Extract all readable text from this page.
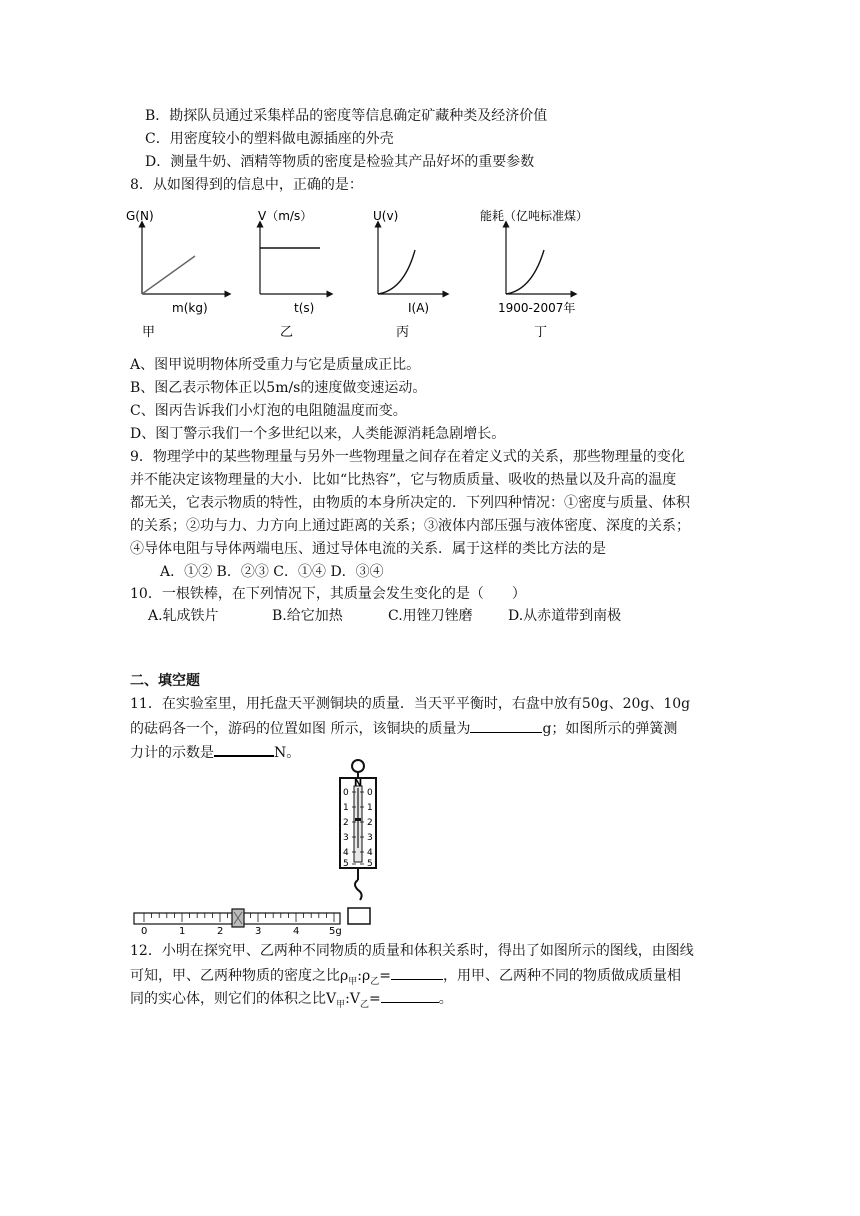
B．勘探队员通过采集样品的密度等信息确定矿藏种类及经济价值
C．用密度较小的塑料做电源插座的外壳
D．测量牛奶、酒精等物质的密度是检验其产品好坏的重要参数
8．从如图得到的信息中，正确的是：
G(N)
m(kg)
甲
V（m/s）
t(s)
乙
U(v)
I(A)
丙
能耗（亿吨标准煤）
1900-2007年
丁
A、图甲说明物体所受重力与它是质量成正比。
B、图乙表示物体正以5m/s的速度做变速运动。
C、图丙告诉我们小灯泡的电阻随温度而变。
D、图丁警示我们一个多世纪以来，人类能源消耗急剧增长。
9．物理学中的某些物理量与另外一些物理量之间存在着定义式的关系，那些物理量的变化
并不能决定该物理量的大小．比如“比热容”，它与物质质量、吸收的热量以及升高的温度
都无关，它表示物质的特性，由物质的本身所决定的．下列四种情况：①密度与质量、体积
的关系；②功与力、力方向上通过距离的关系；③液体内部压强与液体密度、深度的关系；
④导体电阻与导体两端电压、通过导体电流的关系．属于这样的类比方法的是
A．①② B．②③ C．①④ D．③④
10．一根铁棒，在下列情况下，其质量会发生变化的是（　　）
A.轧成铁片	B.给它加热	C.用锉刀锉磨	D.从赤道带到南极
二、填空题
11．在实验室里，用托盘天平测铜块的质量．当天平平衡时，右盘中放有50g、20g、10g
的砝码各一个，游码的位置如图 所示，该铜块的质量为	g；如图所示的弹簧测
力计的示数是	N。
N
0
1
2
3
4
5
0
1
2
3
4
5
0	1	2	3	4	5g
12．小明在探究甲、乙两种不同物质的质量和体积关系时，得出了如图所示的图线，由图线
可知，甲、乙两种物质的密度之比$\rho_甲:\rho_乙=$	，用甲、乙两种不同的物质做成质量相
同的实心体，则它们的体积之比$V_甲:V_乙=$	。
